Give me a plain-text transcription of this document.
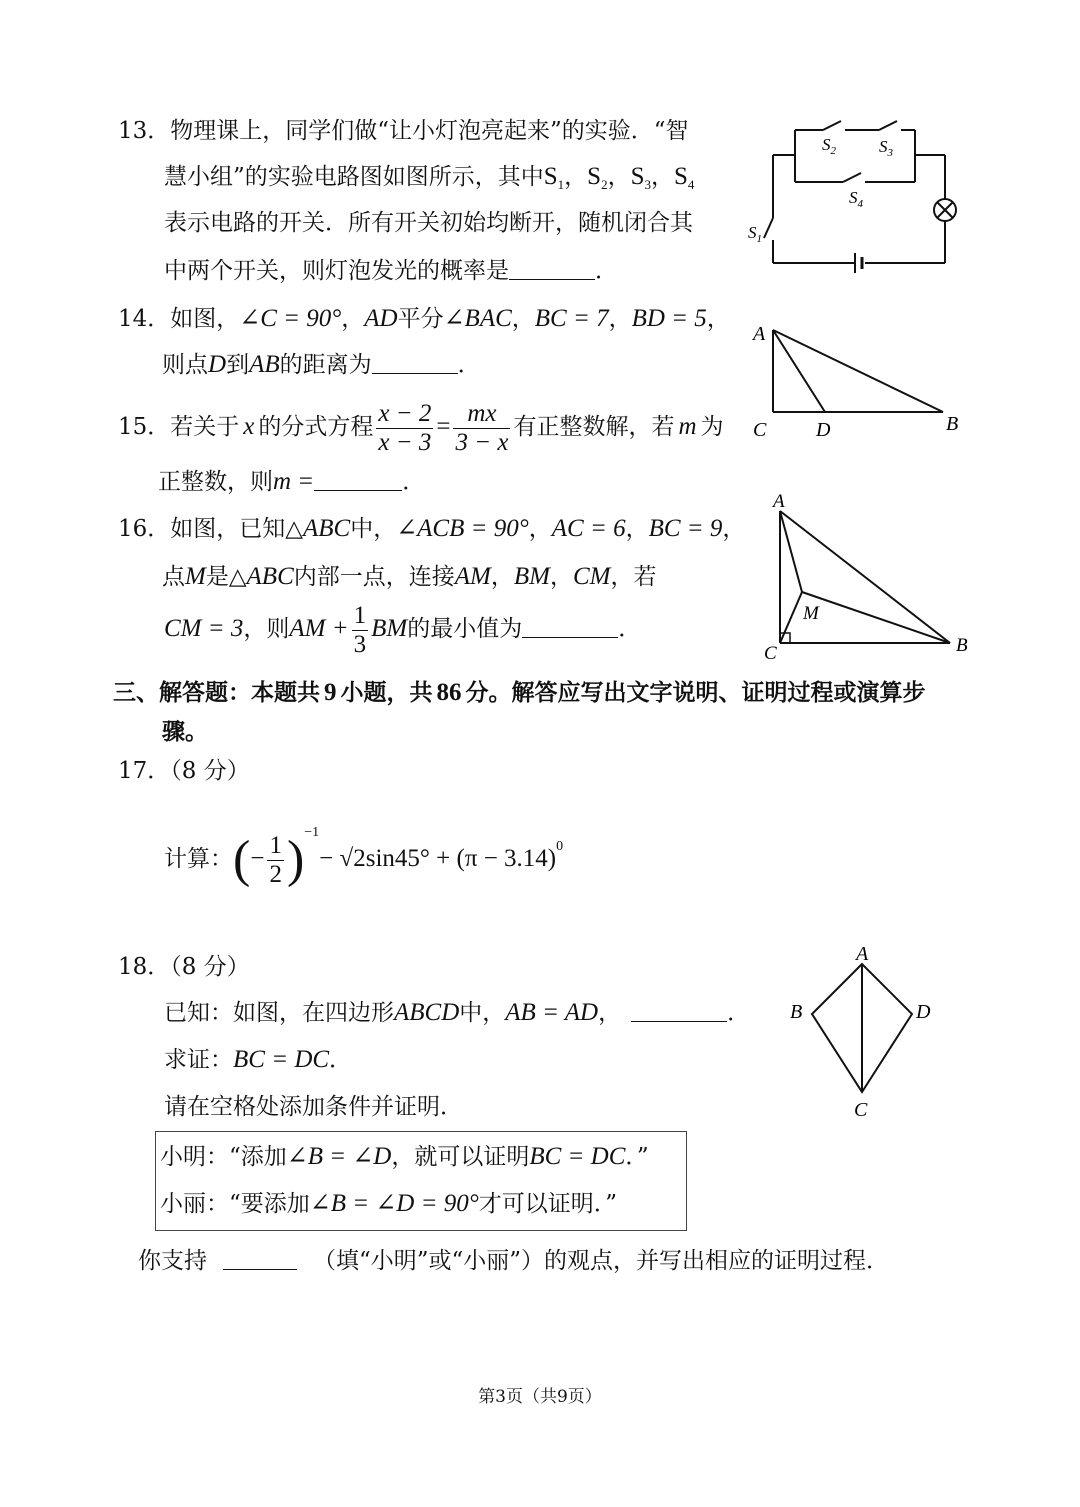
13．物理课上，同学们做“让小灯泡亮起来”的实验．“智
慧小组”的实验电路图如图所示，其中$S_1$，$S_2$，$S_3$，$S_4$
表示电路的开关．所有开关初始均断开，随机闭合其
中两个开关，则灯泡发光的概率是	．
$S_2$	$S_3$
$S_4$
$S_1$
14．如图，∠C = 90°，AD平分∠BAC，BC = 7，BD = 5，
则点D到AB的距离为	．
A
C D	B
15．若关于 x 的分式方程 $\frac{x - 2}{x - 3} = \frac{mx}{3 - x}$ 有正整数解，若 m 为
正整数，则m =	．
16．如图，已知△ABC中，∠ACB = 90°，AC = 6，BC = 9，
点M是△ABC内部一点，连接AM，BM，CM，若
CM = 3，则AM + $\frac{1}{3}$ BM的最小值为	．
A
C
M
B
三、解答题：本题共 9 小题，共 86 分。解答应写出文字说明、证明过程或演算步
骤。
17．（8 分）
计算：(− $\frac{1}{2} )^{-1}- √2\sin 45^\circ + (\pi - 3.14)^0$
18．（8 分）
已知：如图，在四边形ABCD中，AB = AD，	．
求证：BC = DC．
请在空格处添加条件并证明．
小明：“添加∠B = ∠D，就可以证明BC = DC．”
小丽：“要添加∠B = ∠D = 90°才可以证明．”
你支持	（填“小明”或“小丽”）的观点，并写出相应的证明过程．
A
B	D
C
第3页（共9页）
